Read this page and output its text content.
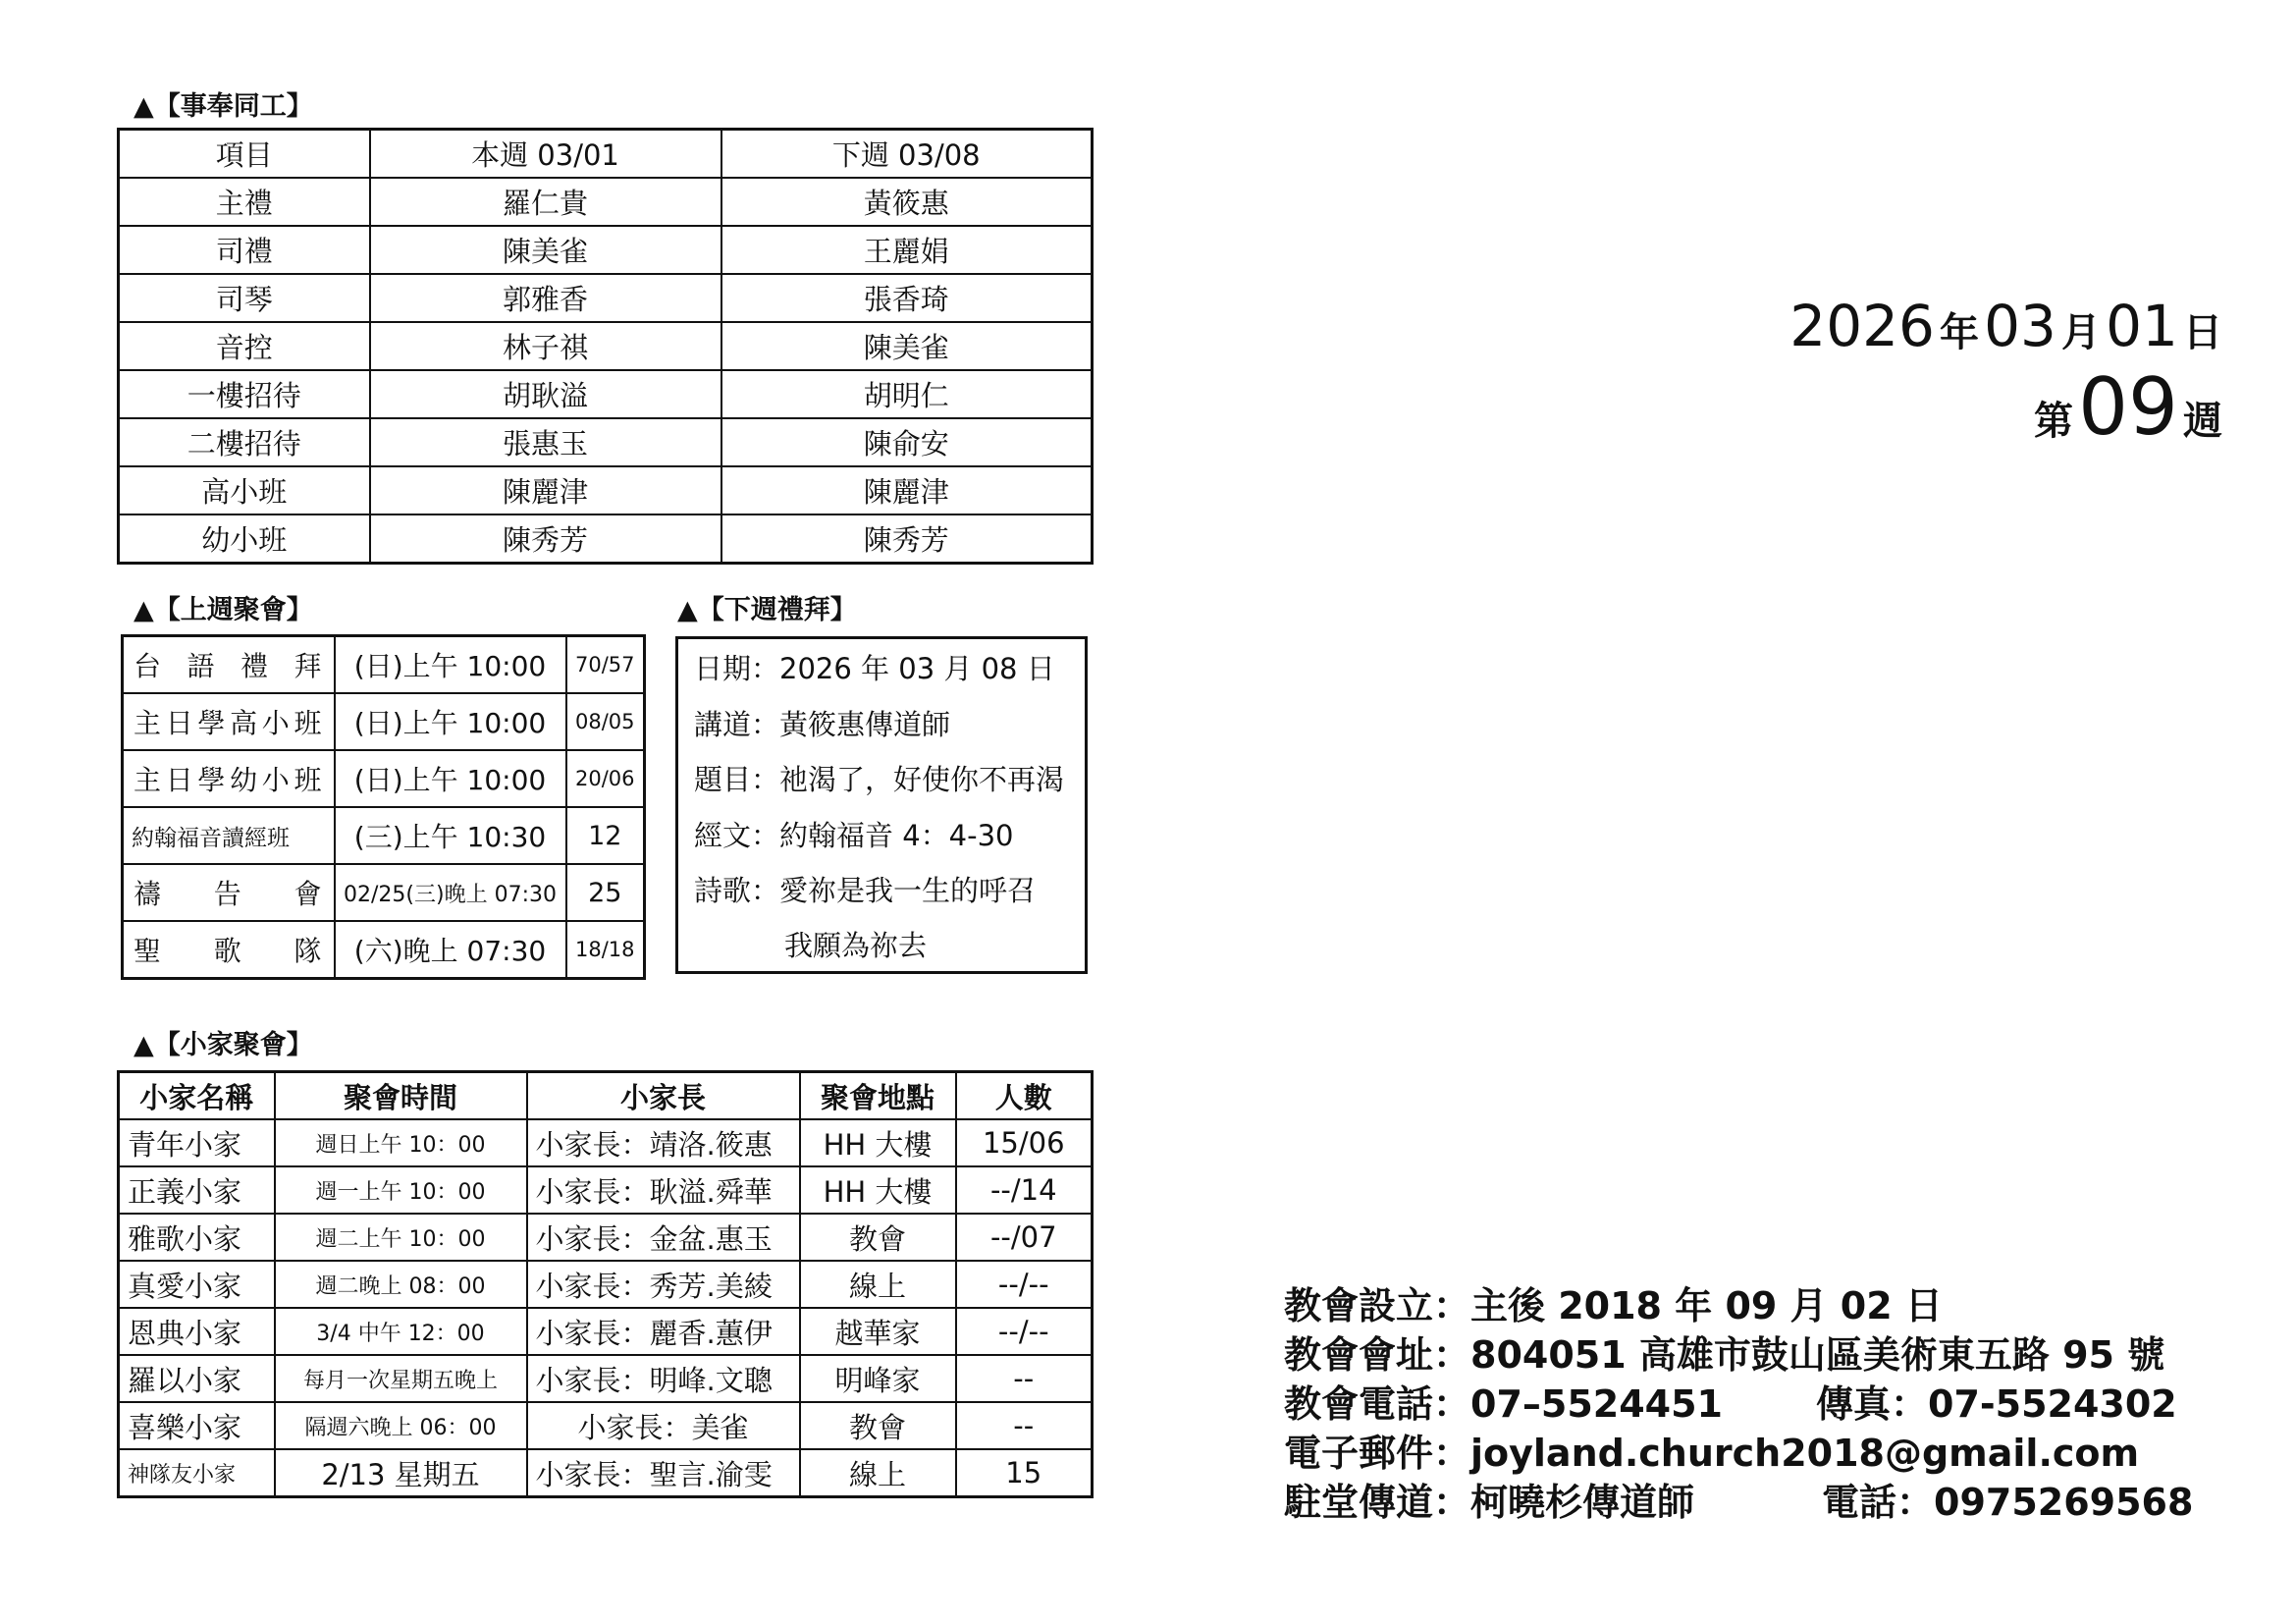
▲【事奉同工】
項目	本週 03/01	下週 03/08
主禮	羅仁貴	黃筱惠
司禮	陳美雀	王麗娟
司琴	郭雅香	張香琦
音控	林子祺	陳美雀
一樓招待	胡耿溢	胡明仁
二樓招待	張惠玉	陳俞安
高小班	陳麗津	陳麗津
幼小班	陳秀芳	陳秀芳
▲【上週聚會】
台語禮拜	(日)上午 10:00	70/57
主日學高小班	(日)上午 10:00	08/05
主日學幼小班	(日)上午 10:00	20/06
約翰福音讀經班	(三)上午 10:30	12
禱告會	02/25(三)晚上 07:30	25
聖歌隊	(六)晚上 07:30	18/18
▲【下週禮拜】
日期：2026 年 03 月 08 日
講道：黃筱惠傳道師
題目：祂渴了，好使你不再渴
經文：約翰福音 4：4-30
詩歌：愛祢是我一生的呼召
我願為祢去
▲【小家聚會】
小家名稱	聚會時間	小家長	聚會地點	人數
青年小家	週日上午 10：00	小家長：靖洛.筱惠	HH 大樓	15/06
正義小家	週一上午 10：00	小家長：耿溢.舜華	HH 大樓	--/14
雅歌小家	週二上午 10：00	小家長：金盆.惠玉	教會	--/07
真愛小家	週二晚上 08：00	小家長：秀芳.美綾	線上	--/--
恩典小家	3/4 中午 12：00	小家長：麗香.蕙伊	越華家	--/--
羅以小家	每月一次星期五晚上	小家長：明峰.文聰	明峰家	--
喜樂小家	隔週六晚上 06：00	小家長：美雀	教會	--
神隊友小家	2/13 星期五	小家長：聖言.渝雯	線上	15
2026 年 03 月 01 日
第 09 週
教會設立：主後 2018 年 09 月 02 日
教會會址：804051 高雄市鼓山區美術東五路 95 號
教會電話：07–5524451	傳真：07-5524302
電子郵件：joyland.church2018@gmail.com
駐堂傳道：柯曉杉傳道師	電話：0975269568
